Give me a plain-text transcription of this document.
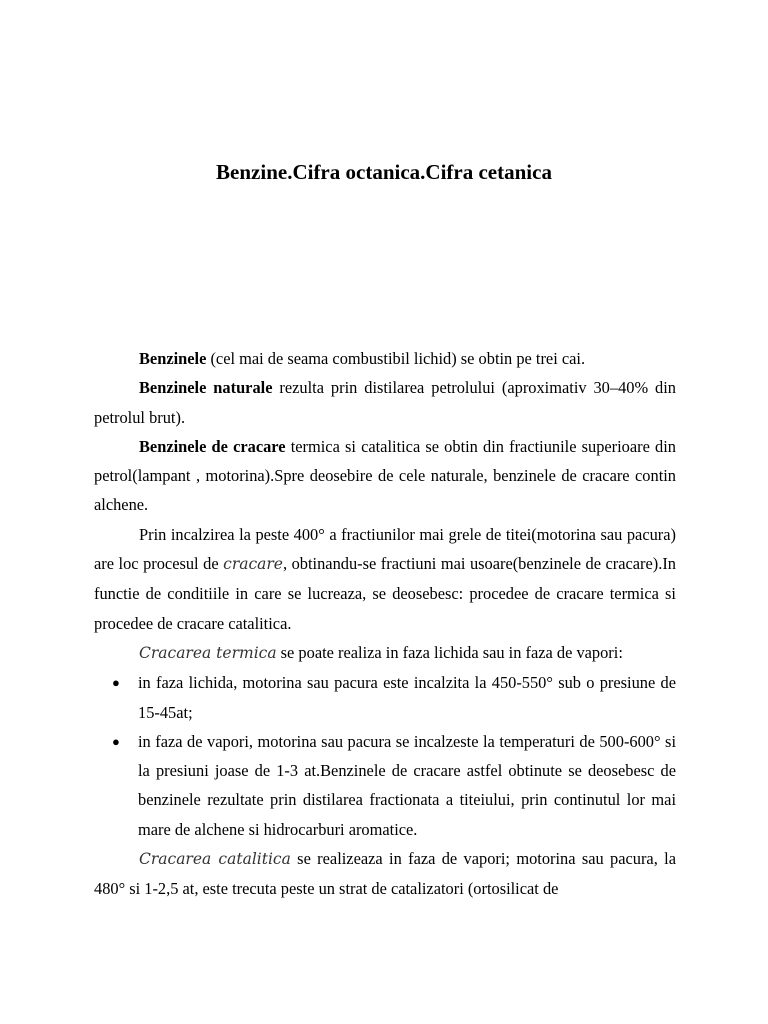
Benzine.Cifra octanica.Cifra cetanica

Benzinele (cel mai de seama combustibil lichid) se obtin pe trei cai.

Benzinele naturale rezulta prin distilarea petrolului (aproximativ 30–40% din petrolul brut).

Benzinele de cracare termica si catalitica se obtin din fractiunile superioare din petrol(lampant , motorina).Spre deosebire de cele naturale, benzinele de cracare contin alchene.

Prin incalzirea la peste 400° a fractiunilor mai grele de titei(motorina sau pacura) are loc procesul de cracare, obtinandu-se fractiuni mai usoare(benzinele de cracare).In functie de conditiile in care se lucreaza, se deosebesc: procedee de cracare termica si procedee de cracare catalitica.

Cracarea termica se poate realiza in faza lichida sau in faza de vapori:

● in faza lichida, motorina sau pacura este incalzita la 450-550° sub o presiune de 15-45at;
● in faza de vapori, motorina sau pacura se incalzeste la temperaturi de 500-600° si la presiuni joase de 1-3 at.Benzinele de cracare astfel obtinute se deosebesc de benzinele rezultate prin distilarea fractionata a titeiului, prin continutul lor mai mare de alchene si hidrocarburi aromatice.

Cracarea catalitica se realizeaza in faza de vapori; motorina sau pacura, la 480° si 1-2,5 at, este trecuta peste un strat de catalizatori (ortosilicat de
